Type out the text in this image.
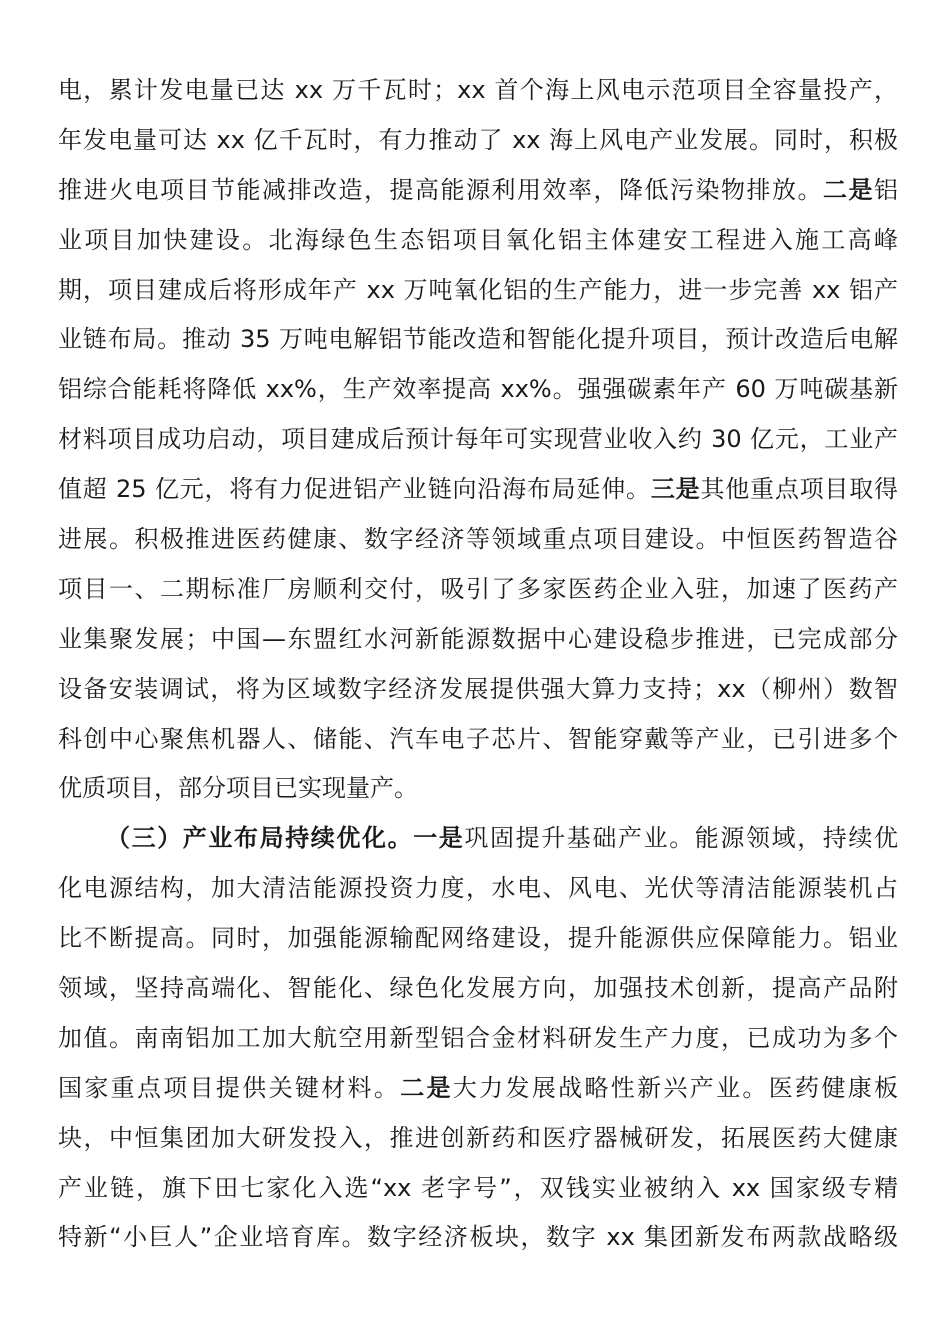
电，累计发电量已达 xx 万千瓦时；xx 首个海上风电示范项目全容量投产，
年发电量可达 xx 亿千瓦时，有力推动了 xx 海上风电产业发展。同时，积极
推进火电项目节能减排改造，提高能源利用效率，降低污染物排放。二是铝
业项目加快建设。北海绿色生态铝项目氧化铝主体建安工程进入施工高峰
期，项目建成后将形成年产 xx 万吨氧化铝的生产能力，进一步完善 xx 铝产
业链布局。推动 35 万吨电解铝节能改造和智能化提升项目，预计改造后电解
铝综合能耗将降低 xx%，生产效率提高 xx%。强强碳素年产 60 万吨碳基新
材料项目成功启动，项目建成后预计每年可实现营业收入约 30 亿元，工业产
值超 25 亿元，将有力促进铝产业链向沿海布局延伸。三是其他重点项目取得
进展。积极推进医药健康、数字经济等领域重点项目建设。中恒医药智造谷
项目一、二期标准厂房顺利交付，吸引了多家医药企业入驻，加速了医药产
业集聚发展；中国—东盟红水河新能源数据中心建设稳步推进，已完成部分
设备安装调试，将为区域数字经济发展提供强大算力支持；xx（柳州）数智
科创中心聚焦机器人、储能、汽车电子芯片、智能穿戴等产业，已引进多个
优质项目，部分项目已实现量产。
（三）产业布局持续优化。一是巩固提升基础产业。能源领域，持续优
化电源结构，加大清洁能源投资力度，水电、风电、光伏等清洁能源装机占
比不断提高。同时，加强能源输配网络建设，提升能源供应保障能力。铝业
领域，坚持高端化、智能化、绿色化发展方向，加强技术创新，提高产品附
加值。南南铝加工加大航空用新型铝合金材料研发生产力度，已成功为多个
国家重点项目提供关键材料。二是大力发展战略性新兴产业。医药健康板
块，中恒集团加大研发投入，推进创新药和医疗器械研发，拓展医药大健康
产业链，旗下田七家化入选“xx 老字号”，双钱实业被纳入 xx 国家级专精
特新“小巨人”企业培育库。数字经济板块，数字 xx 集团新发布两款战略级
